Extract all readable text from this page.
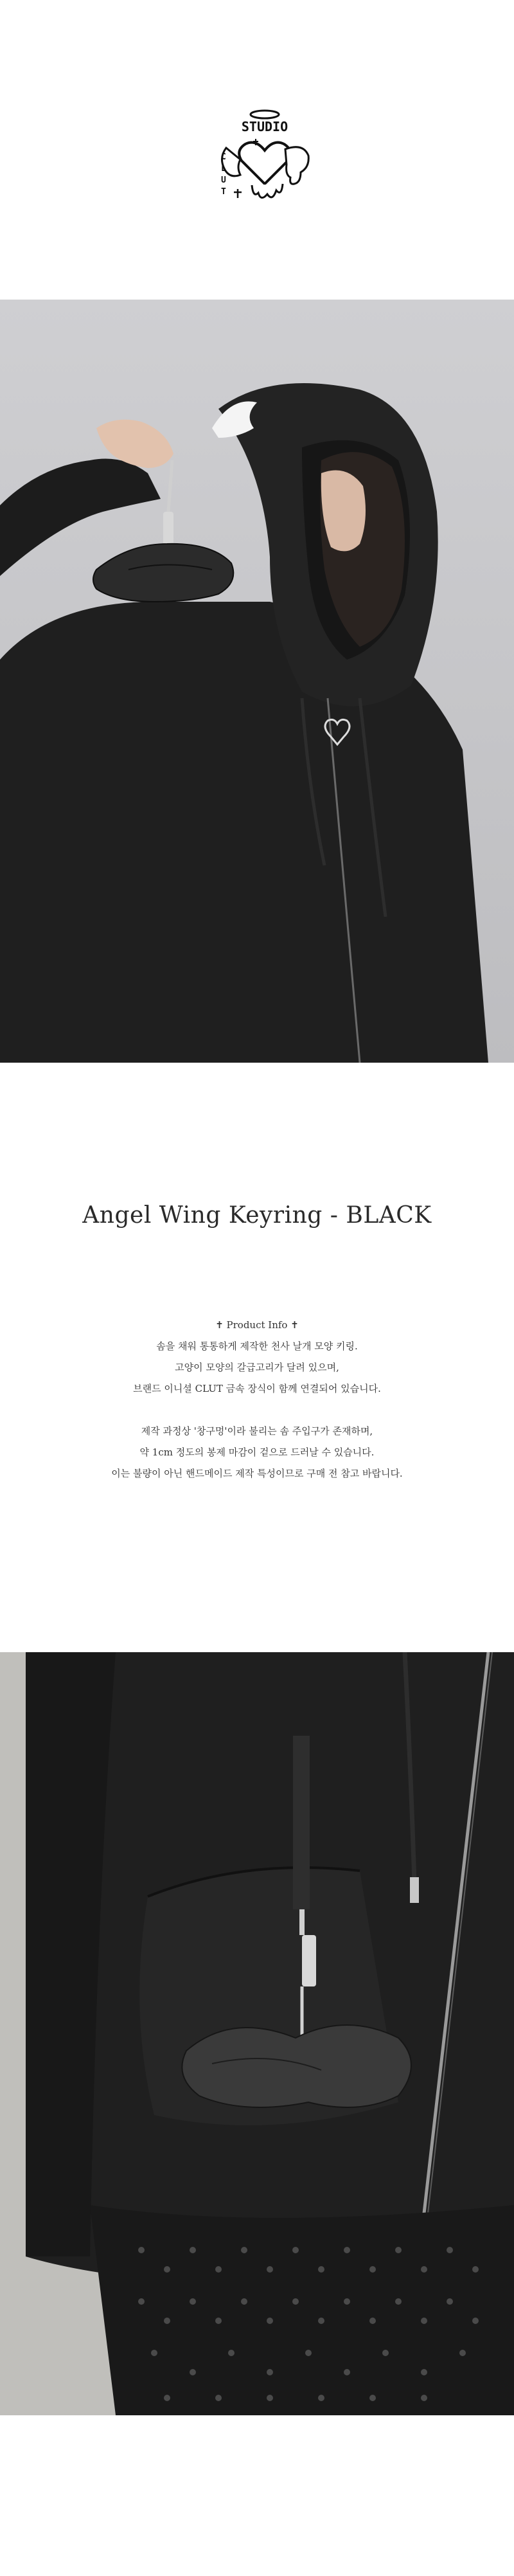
STUDIO
C
L
U
T
Angel Wing Keyring - BLACK

✝ Product Info ✝

솜을 채워 통통하게 제작한 천사 날개 모양 키링.

고양이 모양의 갈급고리가 달려 있으며,

브랜드 이니셜 CLUT 금속 장식이 함께 연결되어 있습니다.

제작 과정상 '창구멍'이라 불리는 솜 주입구가 존재하며,

약 1cm 정도의 봉제 마감이 겉으로 드러날 수 있습니다.

이는 불량이 아닌 핸드메이드 제작 특성이므로 구매 전 참고 바랍니다.
